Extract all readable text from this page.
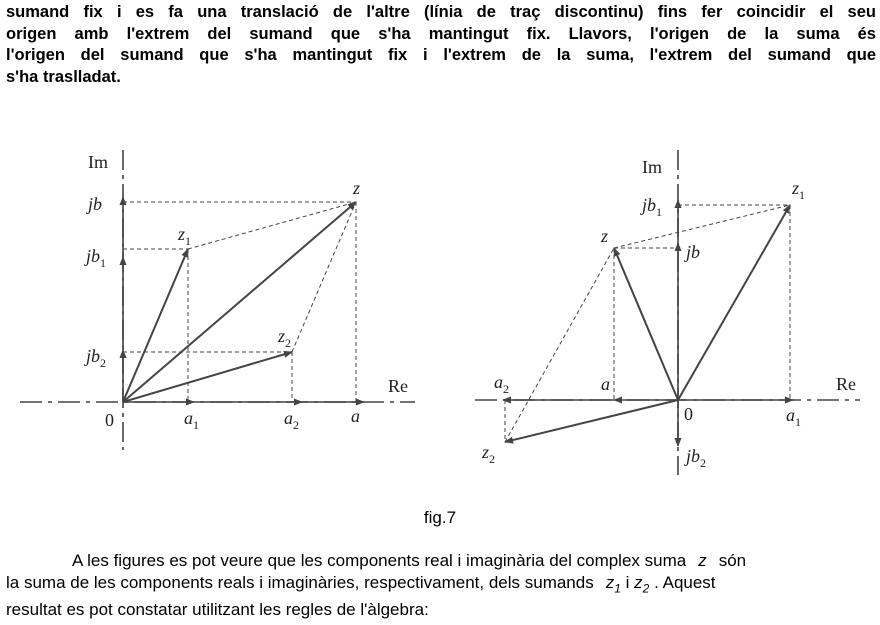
sumand fix i es fa una translació de l'altre (línia de traç discontinu) fins fer coincidir el seu
origen amb l'extrem del sumand que s'ha mantingut fix. Llavors, l'origen de la suma és
l'origen del sumand que s'ha mantingut fix i l'extrem de la suma, l'extrem del sumand que
s'ha traslladat.

Im
Re
0
jb
$jb_1$
$jb_2$
$a_1$	$a_2$	a
z
$z_1$
$z_2$
Im
Re
0
$jb_1$
jb
$jb_2$
$a_2$	a
$a_1$
$z_1$
z
$z_2$
fig.7

A les figures es pot veure que les components real i imaginària del complex suma z són
la suma de les components reals i imaginàries, respectivament, dels sumands $z_1$ i $z_2$ . Aquest
resultat es pot constatar utilitzant les regles de l'àlgebra:
